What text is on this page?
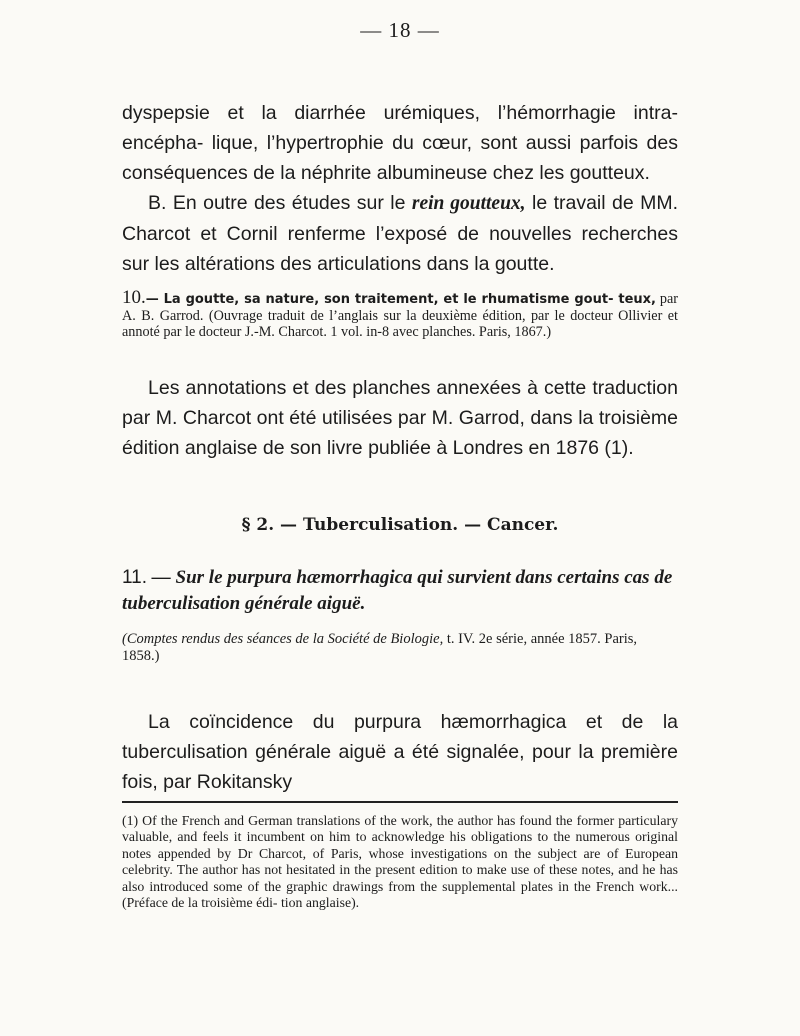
— 18 —
dyspepsie et la diarrhée urémiques, l’hémorrhagie intra-encépha- lique, l’hypertrophie du cœur, sont aussi parfois des conséquences de la néphrite albumineuse chez les goutteux.
B. En outre des études sur le rein goutteux, le travail de MM. Charcot et Cornil renferme l’exposé de nouvelles recherches sur les altérations des articulations dans la goutte.
10.— La goutte, sa nature, son traitement, et le rhumatisme gout- teux, par A. B. Garrod. (Ouvrage traduit de l’anglais sur la deuxième édition, par le docteur Ollivier et annoté par le docteur J.-M. Charcot. 1 vol. in-8 avec planches. Paris, 1867.)
Les annotations et des planches annexées à cette traduction par M. Charcot ont été utilisées par M. Garrod, dans la troisième édition anglaise de son livre publiée à Londres en 1876 (1).
§ 2. — Tuberculisation. — Cancer.
11. — Sur le purpura hæmorrhagica qui survient dans certains cas de tuberculisation générale aiguë.
(Comptes rendus des séances de la Société de Biologie, t. IV. 2e série, année 1857. Paris, 1858.)
La coïncidence du purpura hæmorrhagica et de la tuberculisation générale aiguë a été signalée, pour la première fois, par Rokitansky
(1) Of the French and German translations of the work, the author has found the former particulary valuable, and feels it incumbent on him to acknowledge his obligations to the numerous original notes appended by Dr Charcot, of Paris, whose investigations on the subject are of European celebrity. The author has not hesitated in the present edition to make use of these notes, and he has also introduced some of the graphic drawings from the supplemental plates in the French work... (Préface de la troisième édi- tion anglaise).
